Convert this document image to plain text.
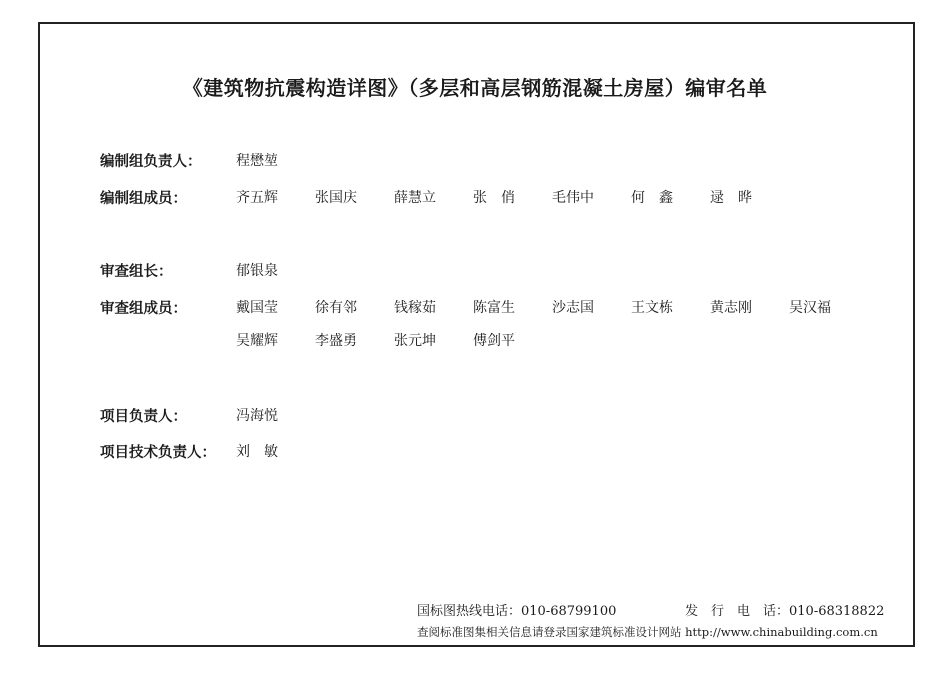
《建筑物抗震构造详图》（多层和高层钢筋混凝土房屋）编审名单
编制组负责人：	程懋堃
编制组成员：	齐五辉	张国庆	薛慧立	张　俏	毛伟中	何　鑫	逯　晔
审查组长：	郁银泉
审查组成员：	戴国莹	徐有邻	钱稼茹	陈富生	沙志国	王文栋	黄志刚	吴汉福
吴耀辉	李盛勇	张元坤	傅剑平
项目负责人：	冯海悦
项目技术负责人：	刘　敏
国标图热线电话：010-68799100	发　行　电　话：010-68318822
查阅标准图集相关信息请登录国家建筑标准设计网站 http://www.chinabuilding.com.cn
